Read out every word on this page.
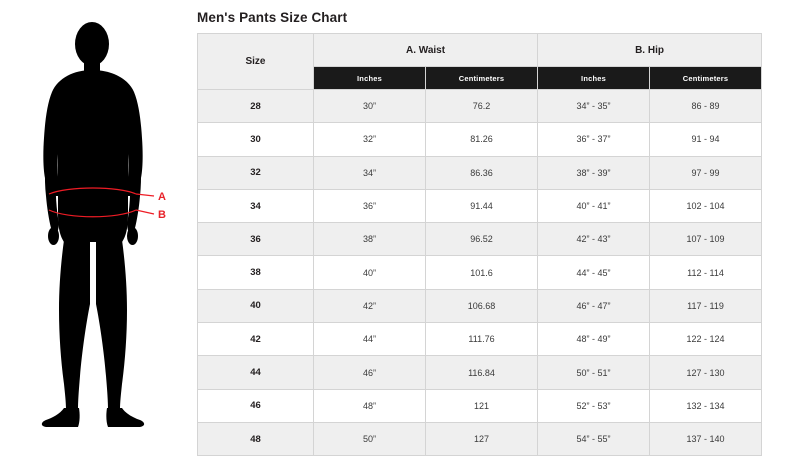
A
B
Men's Pants Size Chart
Size	A. Waist		B. Hip	
	Inches	Centimeters	Inches	Centimeters
28	30”	76.2	34” - 35”	86 - 89
30	32”	81.26	36” - 37”	91 - 94
32	34”	86.36	38” - 39”	97 - 99
34	36”	91.44	40” - 41”	102 - 104
36	38”	96.52	42” - 43”	107 - 109
38	40”	101.6	44” - 45”	112 - 114
40	42”	106.68	46” - 47”	117 - 119
42	44”	111.76	48” - 49”	122 - 124
44	46”	116.84	50” - 51”	127 - 130
46	48”	121	52” - 53”	132 - 134
48	50”	127	54” - 55”	137 - 140
